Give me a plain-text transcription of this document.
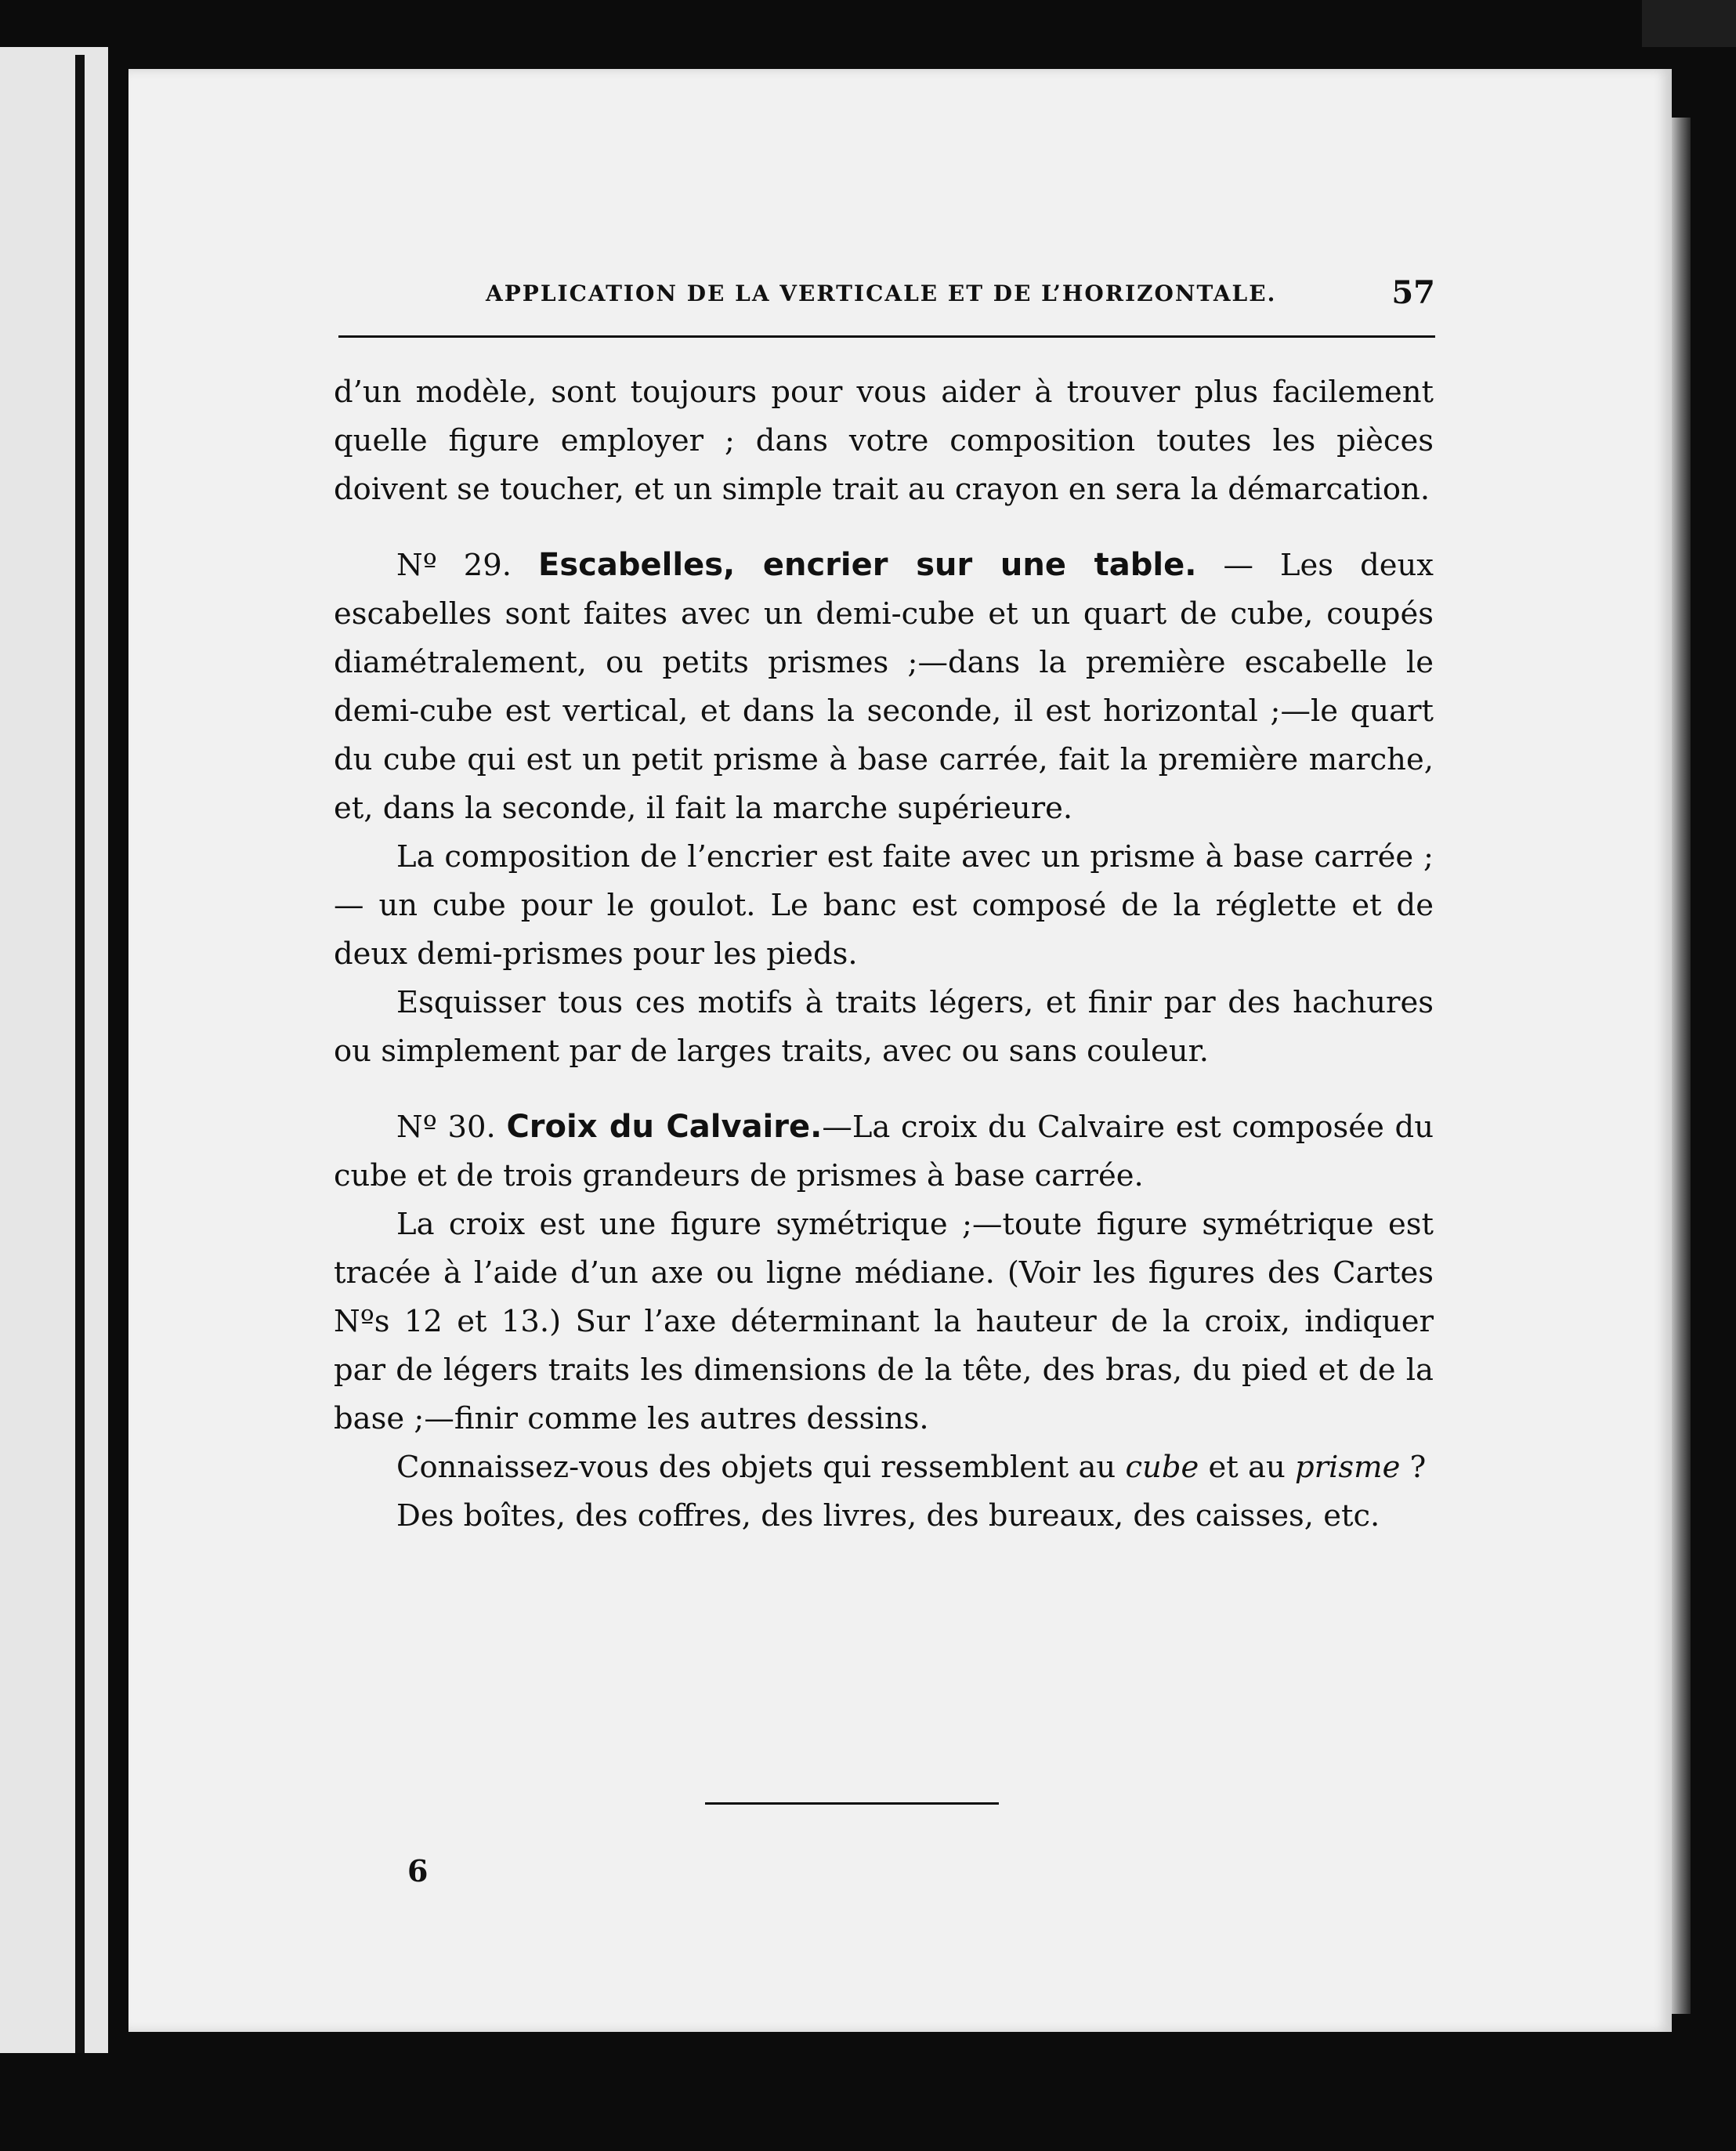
APPLICATION DE LA VERTICALE ET DE L’HORIZONTALE.	57

d’un modèle, sont toujours pour vous aider à trouver plus facilement quelle figure employer ; dans votre composition toutes les pièces doivent se toucher, et un simple trait au crayon en sera la démarcation.

Nº 29. Escabelles, encrier sur une table. — Les deux escabelles sont faites avec un demi-cube et un quart de cube, coupés diamétralement, ou petits prismes ;—dans la première escabelle le demi-cube est vertical, et dans la seconde, il est horizontal ;—le quart du cube qui est un petit prisme à base carrée, fait la première marche, et, dans la seconde, il fait la marche supérieure.

La composition de l’encrier est faite avec un prisme à base carrée ; — un cube pour le goulot. Le banc est composé de la réglette et de deux demi-prismes pour les pieds.

Esquisser tous ces motifs à traits légers, et finir par des hachures ou simplement par de larges traits, avec ou sans couleur.

Nº 30. Croix du Calvaire.—La croix du Calvaire est composée du cube et de trois grandeurs de prismes à base carrée.

La croix est une figure symétrique ;—toute figure symétrique est tracée à l’aide d’un axe ou ligne médiane. (Voir les figures des Cartes Nºs 12 et 13.) Sur l’axe déterminant la hauteur de la croix, indiquer par de légers traits les dimensions de la tête, des bras, du pied et de la base ;—finir comme les autres dessins.

Connaissez-vous des objets qui ressemblent au cube et au prisme ?

Des boîtes, des coffres, des livres, des bureaux, des caisses, etc.

6
